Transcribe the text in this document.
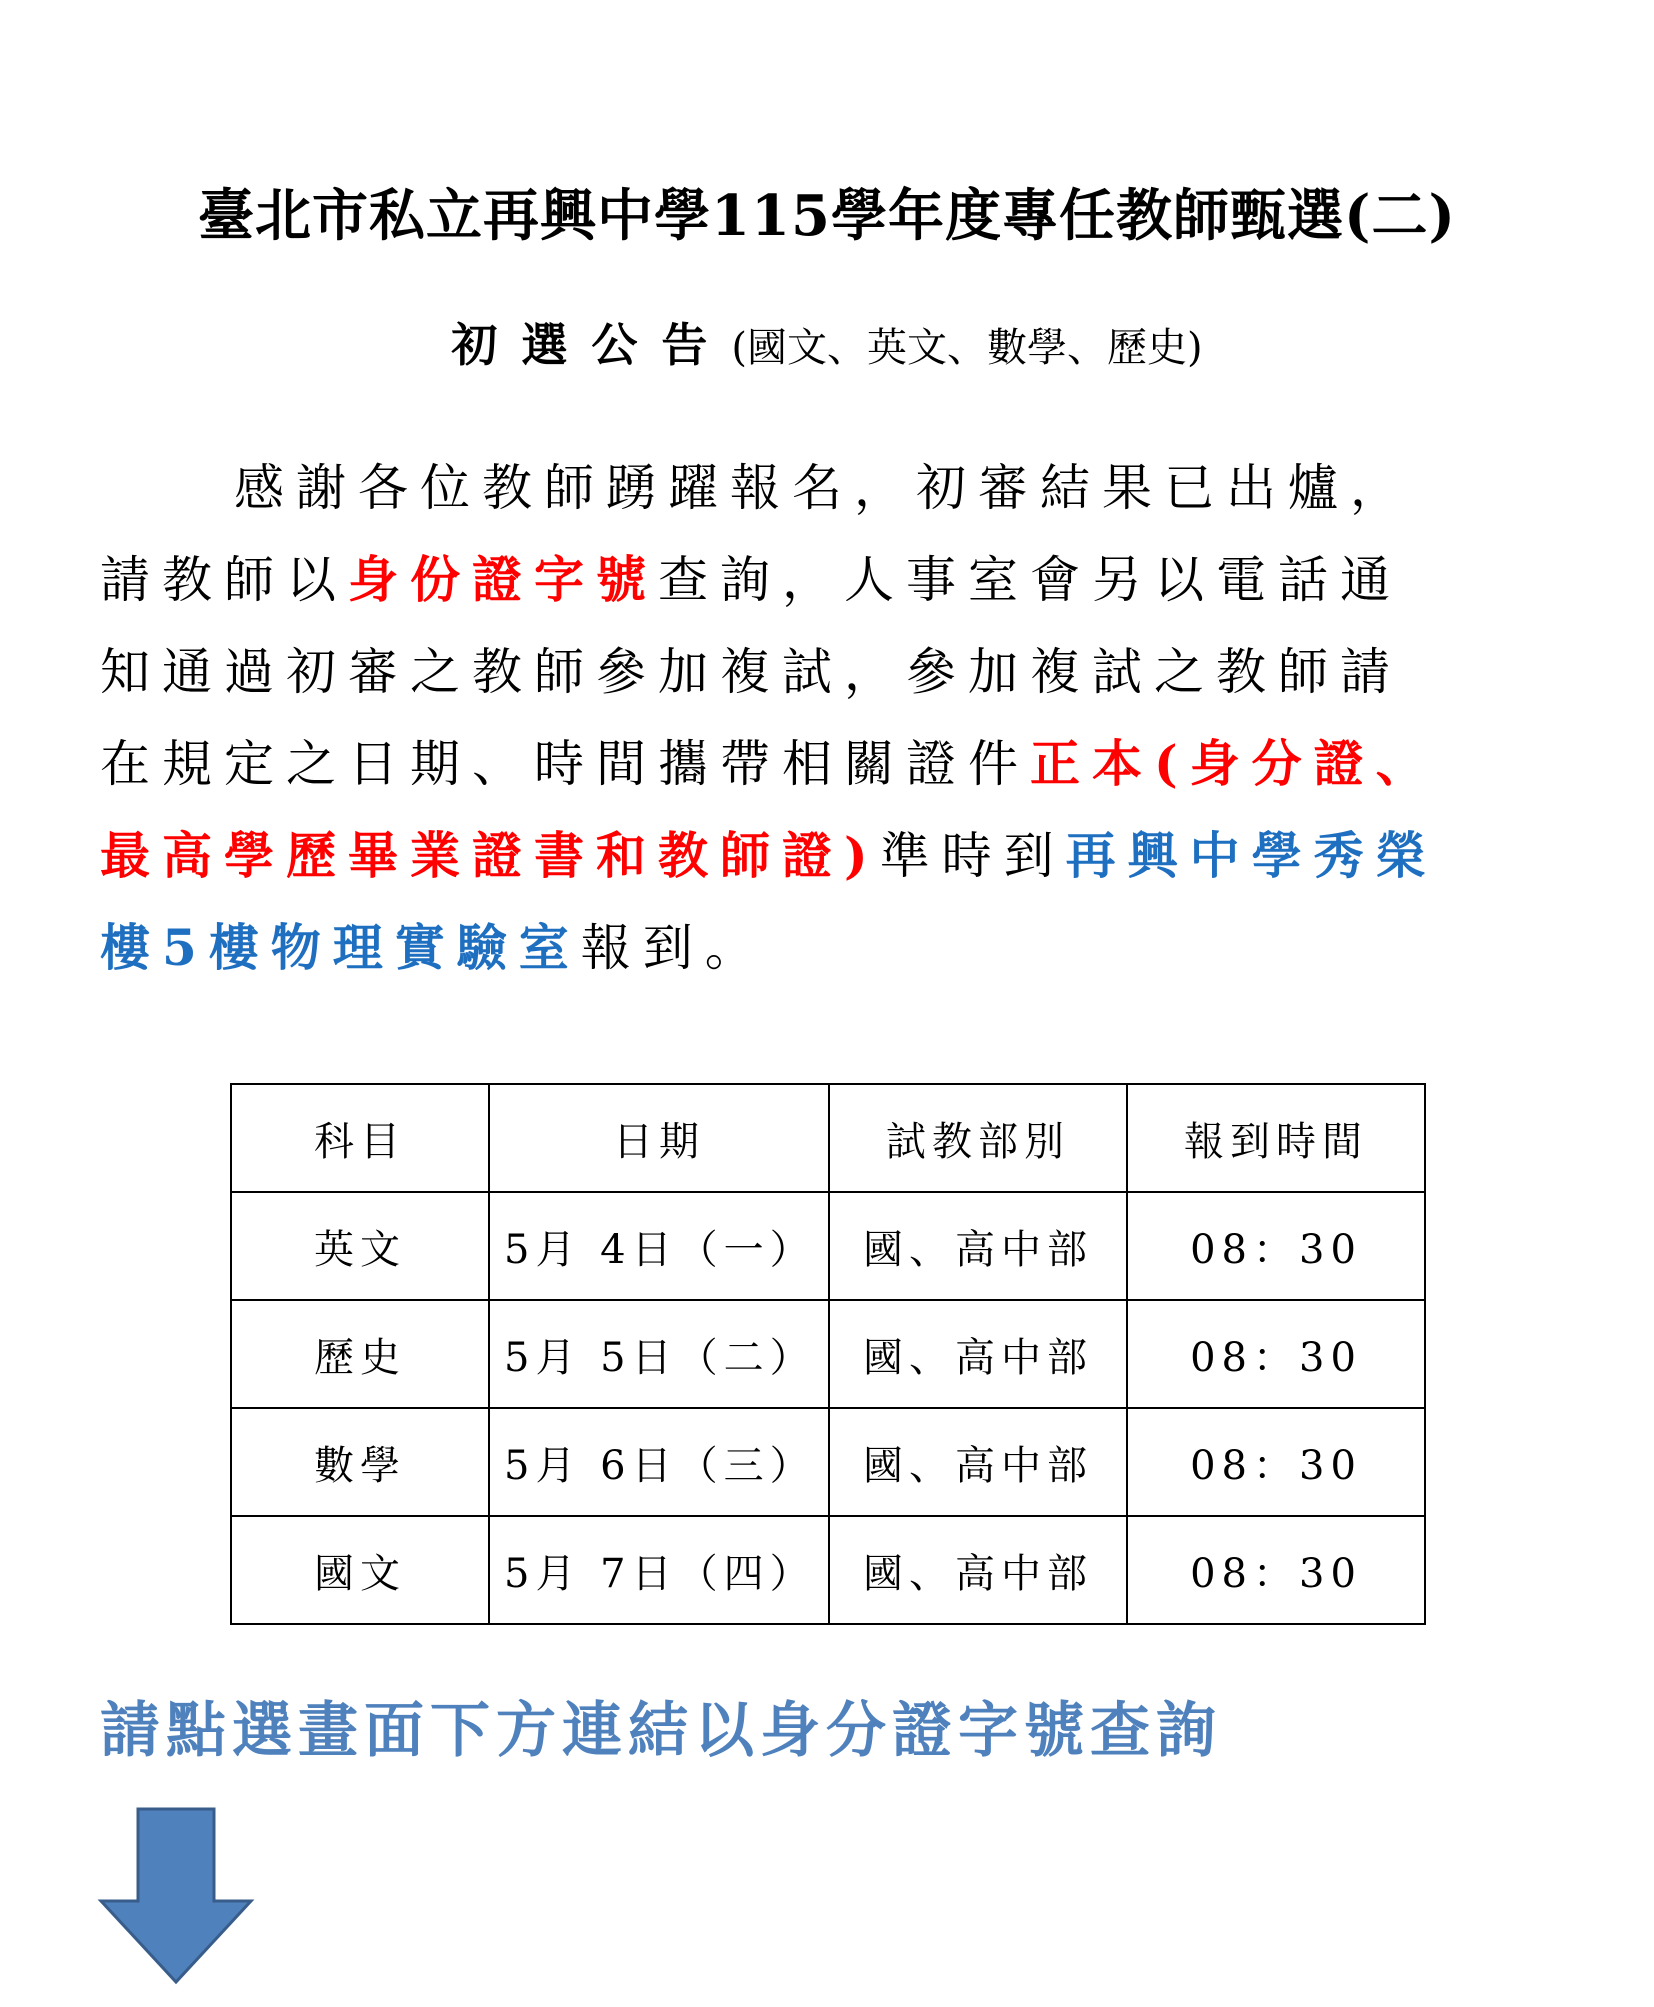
臺北市私立再興中學115學年度專任教師甄選(二)
初選公告(國文、英文、數學、歷史)
感謝各位教師踴躍報名，初審結果已出爐，
請教師以身份證字號查詢，人事室會另以電話通
知通過初審之教師參加複試，參加複試之教師請
在規定之日期、時間攜帶相關證件正本(身分證、
最高學歷畢業證書和教師證)準時到再興中學秀榮
樓5樓物理實驗室報到。
科目	日期	試教部別	報到時間
英文	5月 4日（一）	國、高中部	08：30
歷史	5月 5日（二）	國、高中部	08：30
數學	5月 6日（三）	國、高中部	08：30
國文	5月 7日（四）	國、高中部	08：30
請點選畫面下方連結以身分證字號查詢
